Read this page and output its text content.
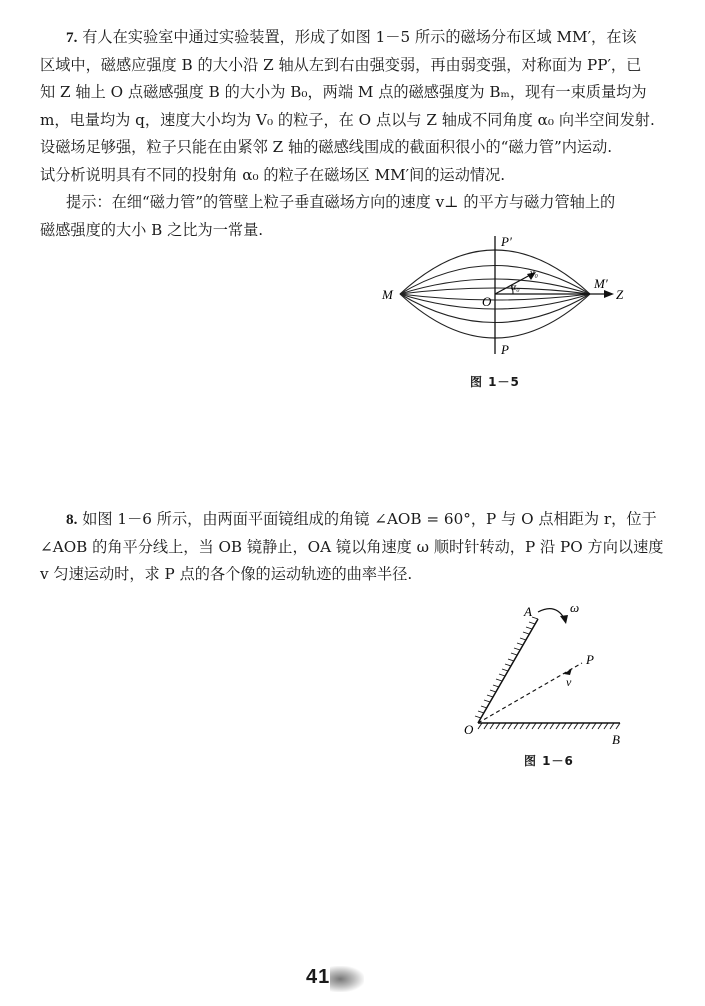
7. 有人在实验室中通过实验装置，形成了如图 1－5 所示的磁场分布区域 MM′，在该
区域中，磁感应强度 B 的大小沿 Z 轴从左到右由强变弱，再由弱变强，对称面为 PP′，已
知 Z 轴上 O 点磁感强度 B 的大小为 B₀，两端 M 点的磁感强度为 Bₘ，现有一束质量均为
m，电量均为 q，速度大小均为 V₀ 的粒子，在 O 点以与 Z 轴成不同角度 α₀ 向半空间发射.
设磁场足够强，粒子只能在由紧邻 Z 轴的磁感线围成的截面积很小的“磁力管”内运动.
试分析说明具有不同的投射角 α₀ 的粒子在磁场区 MM′间的运动情况.
提示：在细“磁力管”的管壁上粒子垂直磁场方向的速度 v⊥ 的平方与磁力管轴上的
磁感强度的大小 B 之比为一常量.
P′
P
M
M′
O	Z
v₀
α₀
图 1－5
8. 如图 1－6 所示，由两面平面镜组成的角镜 ∠AOB = 60°，P 与 O 点相距为 r，位于
∠AOB 的角平分线上，当 OB 镜静止，OA 镜以角速度 ω 顺时针转动，P 沿 PO 方向以速度
v 匀速运动时，求 P 点的各个像的运动轨迹的曲率半径.
A	ω
P
v
O
B
图 1－6
41
